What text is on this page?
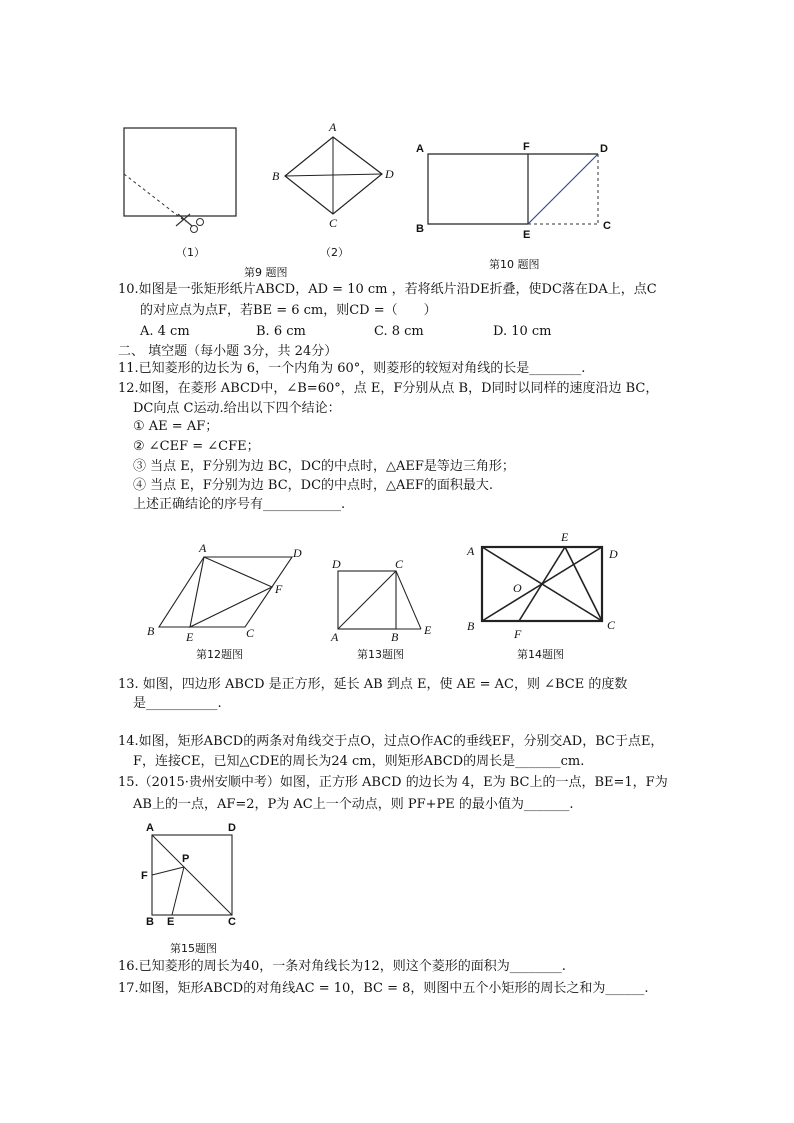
A
B	D
C
（1）	（2）
A	F	D
B	E
C
A	D
F
B	E	C
D	C
A	B E
A
E
D
O
B
F
C
A	D
P
F
B E	C
第9 题图
第10 题图
第12题图	第13题图	第14题图
第15题图
10.如图是一张矩形纸片ABCD，AD = 10 cm ，若将纸片沿DE折叠，使DC落在DA上，点C
的对应点为点F，若BE = 6 cm，则CD =（　　）
A. 4 cm	B. 6 cm	C. 8 cm	D. 10 cm
二、 填空题（每小题 3分，共 24分）
11.已知菱形的边长为 6，一个内角为 60°，则菱形的较短对角线的长是________.
12.如图，在菱形 ABCD中，∠B=60°，点 E，F分别从点 B，D同时以同样的速度沿边 BC，
DC向点 C运动.给出以下四个结论：
① AE = AF；
② ∠CEF = ∠CFE；
③ 当点 E，F分别为边 BC，DC的中点时，△AEF是等边三角形；
④ 当点 E，F分别为边 BC，DC的中点时，△AEF的面积最大.
上述正确结论的序号有____________.
13. 如图，四边形 ABCD 是正方形，延长 AB 到点 E，使 AE = AC，则 ∠BCE 的度数
是___________.
14.如图，矩形ABCD的两条对角线交于点O，过点O作AC的垂线EF，分别交AD，BC于点E，
F，连接CE，已知△CDE的周长为24 cm，则矩形ABCD的周长是_______cm.
15.（2015·贵州安顺中考）如图，正方形 ABCD 的边长为 4，E为 BC上的一点，BE=1，F为
AB上的一点，AF=2，P为 AC上一个动点，则 PF+PE 的最小值为_______.
16.已知菱形的周长为40，一条对角线长为12，则这个菱形的面积为________.
17.如图，矩形ABCD的对角线AC = 10，BC = 8，则图中五个小矩形的周长之和为______.
